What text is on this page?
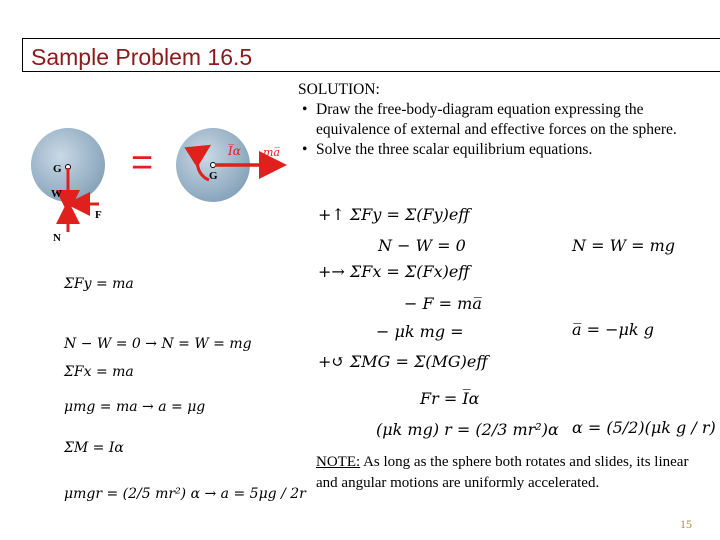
Sample Problem 16.5
SOLUTION:
• Draw the free-body-diagram equation expressing the equivalence of external and effective forces on the sphere.
• Solve the three scalar equilibrium equations.
G
W
F
N
=	I̅α ma̅
G
+↑ ΣFy = Σ(Fy)eff
N − W = 0	N = W = mg
+→ ΣFx = Σ(Fx)eff
− F = ma̅
− μk mg =	a̅ = −μk g
+↺ ΣMG = Σ(MG)eff
Fr = I̅α
(μk mg) r = (2/3 mr²)α α = (5/2)(μk g / r)
ΣFy = ma
N − W = 0 → N = W = mg
ΣFx = ma
μmg = ma → a = μg
ΣM = Iα
μmgr = (2/5 mr²) α → a = 5μg / 2r
NOTE: As long as the sphere both rotates and slides, its linear and angular motions are uniformly accelerated.
15
